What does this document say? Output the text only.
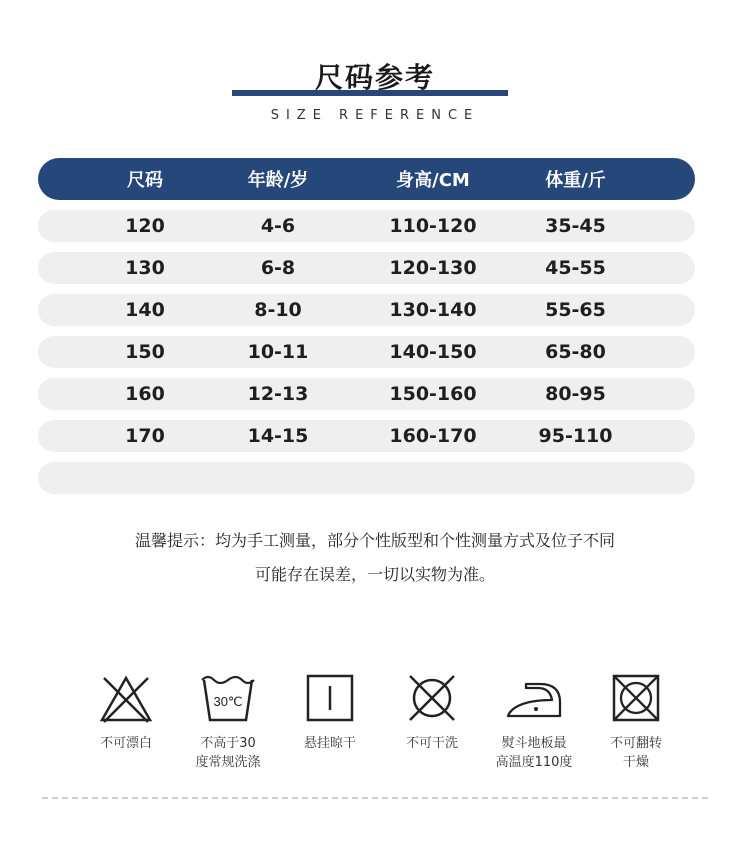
尺码参考
SIZE REFERENCE
尺码	年龄/岁	身高/CM	体重/斤
120	4-6	110-120	35-45
130	6-8	120-130	45-55
140	8-10	130-140	55-65
150	10-11	140-150	65-80
160	12-13	150-160	80-95
170	14-15	160-170	95-110
温馨提示：均为手工测量，部分个性版型和个性测量方式及位子不同
可能存在误差，一切以实物为准。
不可漂白
30℃
不高于30
度常规洗涤
悬挂晾干	不可干洗	熨斗地板最
高温度110度
不可翻转
干燥
